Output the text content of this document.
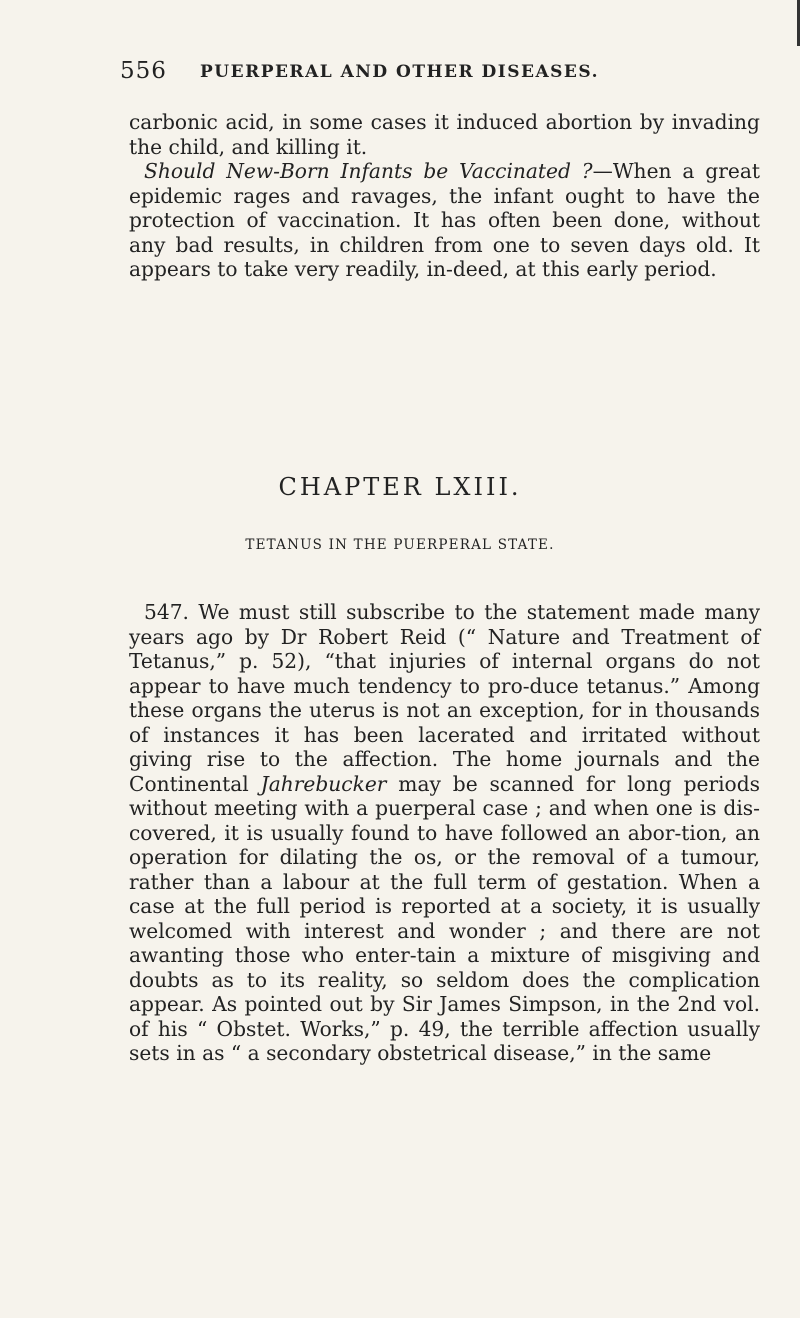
556 PUERPERAL AND OTHER DISEASES.

carbonic acid, in some cases it induced abortion by invading the child, and killing it.

Should New-Born Infants be Vaccinated ?—When a great epidemic rages and ravages, the infant ought to have the protection of vaccination. It has often been done, without any bad results, in children from one to seven days old. It appears to take very readily, in-deed, at this early period.

CHAPTER LXIII.
TETANUS IN THE PUERPERAL STATE.

547. We must still subscribe to the statement made many years ago by Dr Robert Reid (“ Nature and Treatment of Tetanus,” p. 52), “that injuries of internal organs do not appear to have much tendency to pro-duce tetanus.” Among these organs the uterus is not an exception, for in thousands of instances it has been lacerated and irritated without giving rise to the affection. The home journals and the Continental Jahrebucker may be scanned for long periods without meeting with a puerperal case ; and when one is dis-covered, it is usually found to have followed an abor-tion, an operation for dilating the os, or the removal of a tumour, rather than a labour at the full term of gestation. When a case at the full period is reported at a society, it is usually welcomed with interest and wonder ; and there are not awanting those who enter-tain a mixture of misgiving and doubts as to its reality, so seldom does the complication appear. As pointed out by Sir James Simpson, in the 2nd vol. of his “ Obstet. Works,” p. 49, the terrible affection usually sets in as “ a secondary obstetrical disease,” in the same
